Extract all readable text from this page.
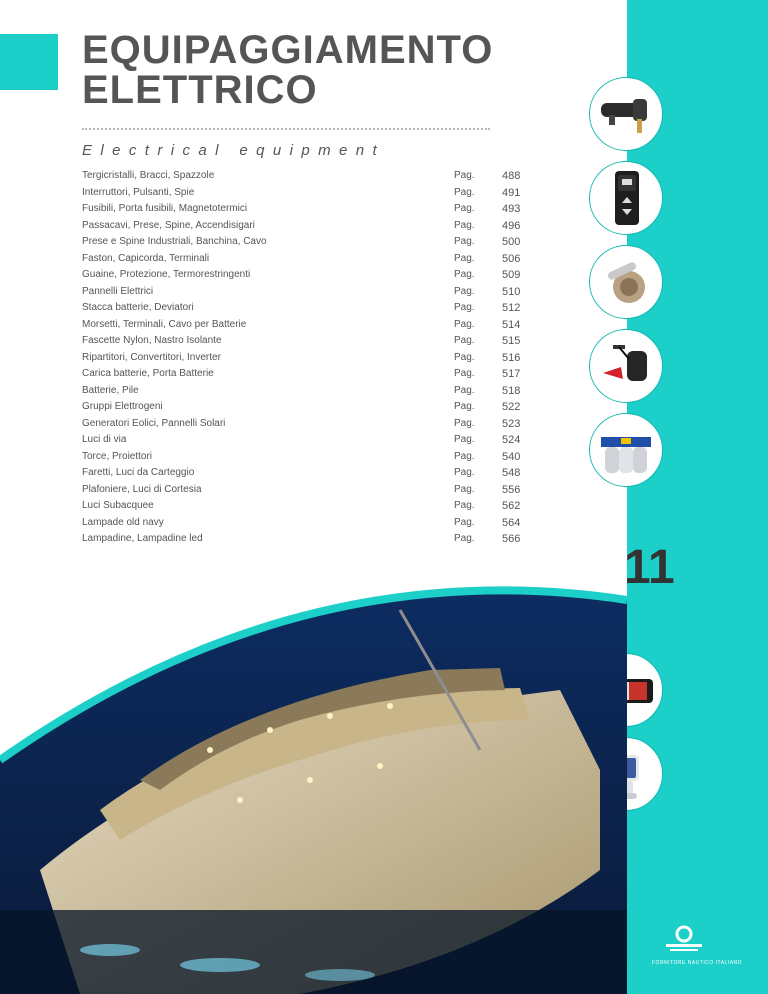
EQUIPAGGIAMENTO
ELETTRICO
Electrical equipment
Tergicristalli, Bracci, Spazzole	Pag. 488
Interruttori, Pulsanti, Spie	Pag. 491
Fusibili, Porta fusibili, Magnetotermici	Pag. 493
Passacavi, Prese, Spine, Accendisigari	Pag. 496
Prese e Spine Industriali, Banchina, Cavo	Pag. 500
Faston, Capicorda, Terminali	Pag. 506
Guaine, Protezione, Termorestringenti	Pag. 509
Pannelli Elettrici	Pag. 510
Stacca batterie, Deviatori	Pag. 512
Morsetti, Terminali, Cavo per Batterie	Pag. 514
Fascette Nylon, Nastro Isolante	Pag. 515
Ripartitori, Convertitori, Inverter	Pag. 516
Carica batterie, Porta Batterie	Pag. 517
Batterie, Pile	Pag. 518
Gruppi Elettrogeni	Pag. 522
Generatori Eolici, Pannelli Solari	Pag. 523
Luci di via	Pag. 524
Torce, Proiettori	Pag. 540
Faretti, Luci da Carteggio	Pag. 548
Plafoniere, Luci di Cortesia	Pag. 556
Luci Subacquee	Pag. 562
Lampade old navy	Pag. 564
Lampadine, Lampadine led	Pag. 566
11
FORNITORE NAUTICO ITALIANO
